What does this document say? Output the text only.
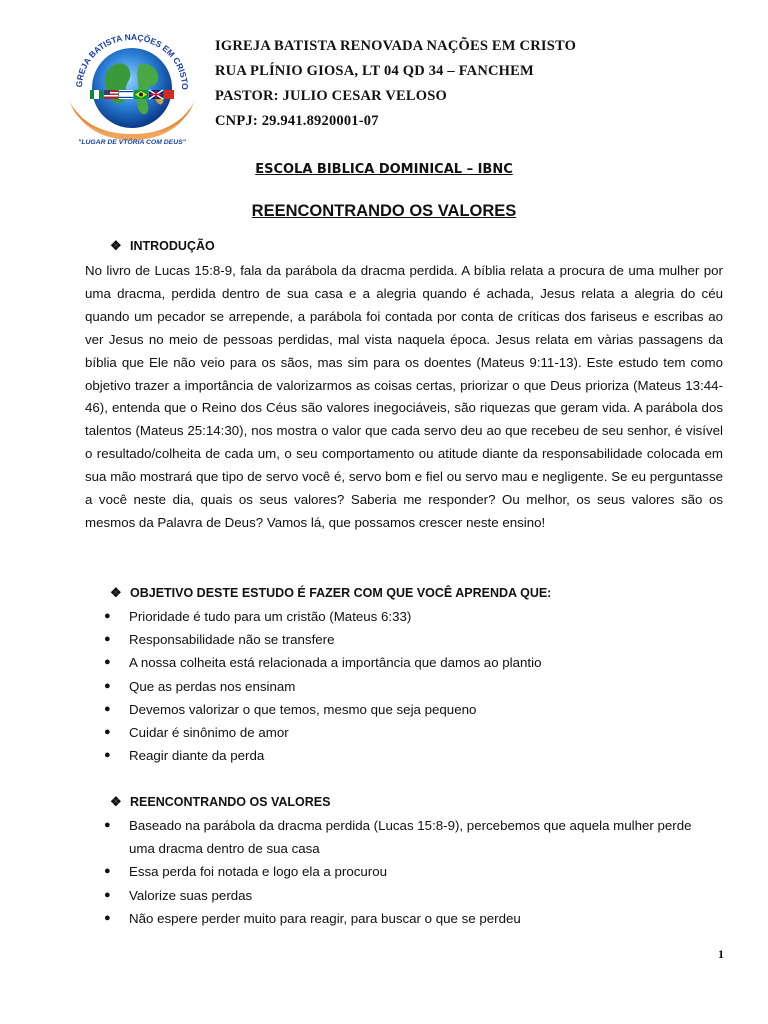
GREJA BATISTA NAÇÕES EM CRISTO
"LUGAR DE VTÓRIA COM DEUS"
IGREJA BATISTA RENOVADA NAÇÕES EM CRISTO
RUA PLÍNIO GIOSA, LT 04 QD 34 – FANCHEM
PASTOR: JULIO CESAR VELOSO
CNPJ: 29.941.8920001-07
ESCOLA BIBLICA DOMINICAL – IBNC
REENCONTRANDO OS VALORES
❖ INTRODUÇÃO
No livro de Lucas 15:8-9, fala da parábola da dracma perdida. A bíblia relata a procura de uma mulher por uma dracma, perdida dentro de sua casa e a alegria quando é achada, Jesus relata a alegria do céu quando um pecador se arrepende, a parábola foi contada por conta de críticas dos fariseus e escribas ao ver Jesus no meio de pessoas perdidas, mal vista naquela época. Jesus relata em vàrias passagens da bíblia que Ele não veio para os sãos, mas sim para os doentes (Mateus 9:11-13). Este estudo tem como objetivo trazer a importância de valorizarmos as coisas certas, priorizar o que Deus prioriza (Mateus 13:44-46), entenda que o Reino dos Céus são valores inegociáveis, são riquezas que geram vida. A parábola dos talentos (Mateus 25:14:30), nos mostra o valor que cada servo deu ao que recebeu de seu senhor, é visível o resultado/colheita de cada um, o seu comportamento ou atitude diante da responsabilidade colocada em sua mão mostrará que tipo de servo você é, servo bom e fiel ou servo mau e negligente. Se eu perguntasse a você neste dia, quais os seus valores? Saberia me responder? Ou melhor, os seus valores são os mesmos da Palavra de Deus? Vamos lá, que possamos crescer neste ensino!
❖ OBJETIVO DESTE ESTUDO É FAZER COM QUE VOCÊ APRENDA QUE:
● Prioridade é tudo para um cristão (Mateus 6:33)
● Responsabilidade não se transfere
● A nossa colheita está relacionada a importância que damos ao plantio
● Que as perdas nos ensinam
● Devemos valorizar o que temos, mesmo que seja pequeno
● Cuidar é sinônimo de amor
● Reagir diante da perda
❖ REENCONTRANDO OS VALORES
● Baseado na parábola da dracma perdida (Lucas 15:8-9), percebemos que aquela mulher perde uma dracma dentro de sua casa
● Essa perda foi notada e logo ela a procurou
● Valorize suas perdas
● Não espere perder muito para reagir, para buscar o que se perdeu
1
